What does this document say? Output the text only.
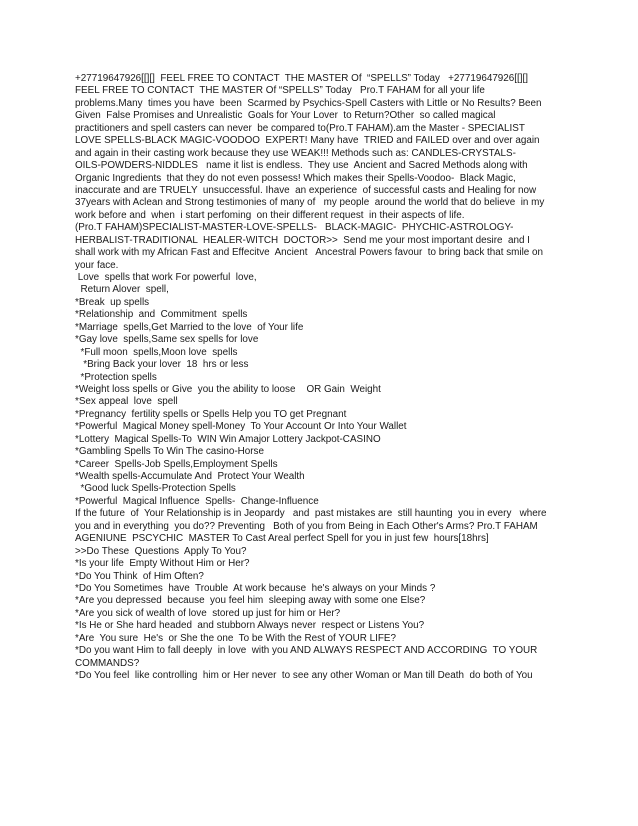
+27719647926[[][]  FEEL FREE TO CONTACT  THE MASTER Of  “SPELLS” Today   +27719647926[[][]
FEEL FREE TO CONTACT  THE MASTER Of “SPELLS” Today   Pro.T FAHAM for all your life
problems.Many  times you have  been  Scarmed by Psychics-Spell Casters with Little or No Results? Been
Given  False Promises and Unrealistic  Goals for Your Lover  to Return?Other  so called magical
practitioners and spell casters can never  be compared to(Pro.T FAHAM).am the Master - SPECIALIST
LOVE SPELLS-BLACK MAGIC-VOODOO  EXPERT! Many have  TRIED and FAILED over and over again
and again in their casting work because they use WEAK!!! Methods such as: CANDLES-CRYSTALS-
OILS-POWDERS-NIDDLES   name it list is endless.  They use  Ancient and Sacred Methods along with
Organic Ingredients  that they do not even possess! Which makes their Spells-Voodoo-  Black Magic,
inaccurate and are TRUELY  unsuccessful. Ihave  an experience  of successful casts and Healing for now
37years with Aclean and Strong testimonies of many of   my people  around the world that do believe  in my
work before and  when  i start perfoming  on their different request  in their aspects of life.
(Pro.T FAHAM)SPECIALIST-MASTER-LOVE-SPELLS-   BLACK-MAGIC-  PHYCHIC-ASTROLOGY-
HERBALIST-TRADITIONAL  HEALER-WITCH  DOCTOR>>  Send me your most important desire  and I
shall work with my African Fast and Effecitve  Ancient   Ancestral Powers favour  to bring back that smile on
your face.
Love  spells that work For powerful  love,
Return Alover  spell,
*Break  up spells
*Relationship  and  Commitment  spells
*Marriage  spells,Get Married to the love  of Your life
*Gay love  spells,Same sex spells for love
*Full moon  spells,Moon love  spells
*Bring Back your lover  18  hrs or less
*Protection spells
*Weight loss spells or Give  you the ability to loose    OR Gain  Weight
*Sex appeal  love  spell
*Pregnancy  fertility spells or Spells Help you TO get Pregnant
*Powerful  Magical Money spell-Money  To Your Account Or Into Your Wallet
*Lottery  Magical Spells-To  WIN Win Amajor Lottery Jackpot-CASINO
*Gambling Spells To Win The casino-Horse
*Career  Spells-Job Spells,Employment Spells
*Wealth spells-Accumulate And  Protect Your Wealth
*Good luck Spells-Protection Spells
*Powerful  Magical Influence  Spells-  Change-Influence
If the future  of  Your Relationship is in Jeopardy   and  past mistakes are  still haunting  you in every   where
you and in everything  you do?? Preventing   Both of you from Being in Each Other's Arms? Pro.T FAHAM
AGENIUNE  PSCYCHIC  MASTER To Cast Areal perfect Spell for you in just few  hours[18hrs]
>>Do These  Questions  Apply To You?
*Is your life  Empty Without Him or Her?
*Do You Think  of Him Often?
*Do You Sometimes  have  Trouble  At work because  he's always on your Minds ?
*Are you depressed  because  you feel him  sleeping away with some one Else?
*Are you sick of wealth of love  stored up just for him or Her?
*Is He or She hard headed  and stubborn Always never  respect or Listens You?
*Are  You sure  He's  or She the one  To be With the Rest of YOUR LIFE?
*Do you want Him to fall deeply  in love  with you AND ALWAYS RESPECT AND ACCORDING  TO YOUR
COMMANDS?
*Do You feel  like controlling  him or Her never  to see any other Woman or Man till Death  do both of You
